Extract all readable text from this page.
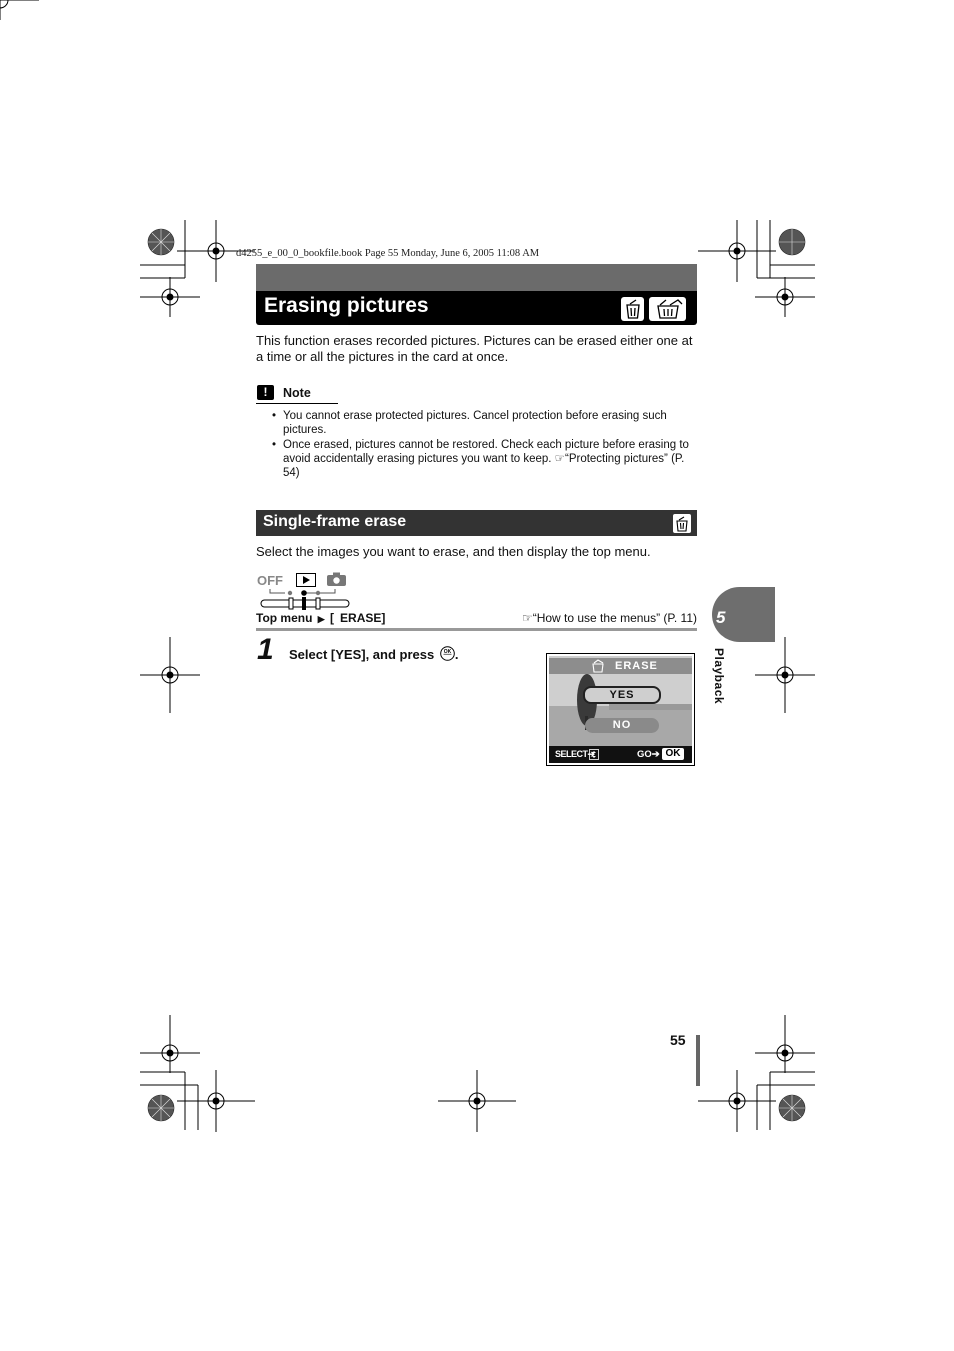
d4255_e_00_0_bookfile.book Page 55 Monday, June 6, 2005 11:08 AM
Erasing pictures
This function erases recorded pictures. Pictures can be erased either one at a time or all the pictures in the card at once.
!	Note
• You cannot erase protected pictures. Cancel protection before erasing such pictures.
• Once erased, pictures cannot be restored. Check each picture before erasing to avoid accidentally erasing pictures you want to keep. ☞“Protecting pictures” (P. 54)
Single-frame erase
Select the images you want to erase, and then display the top menu.
OFF
Top menu ▶ [ ERASE]	☞“How to use the menus” (P. 11)
1 Select [YES], and press OK .
ERASE
YES
NO
SELECT➔	GO➔ OK
5
Playback
55
